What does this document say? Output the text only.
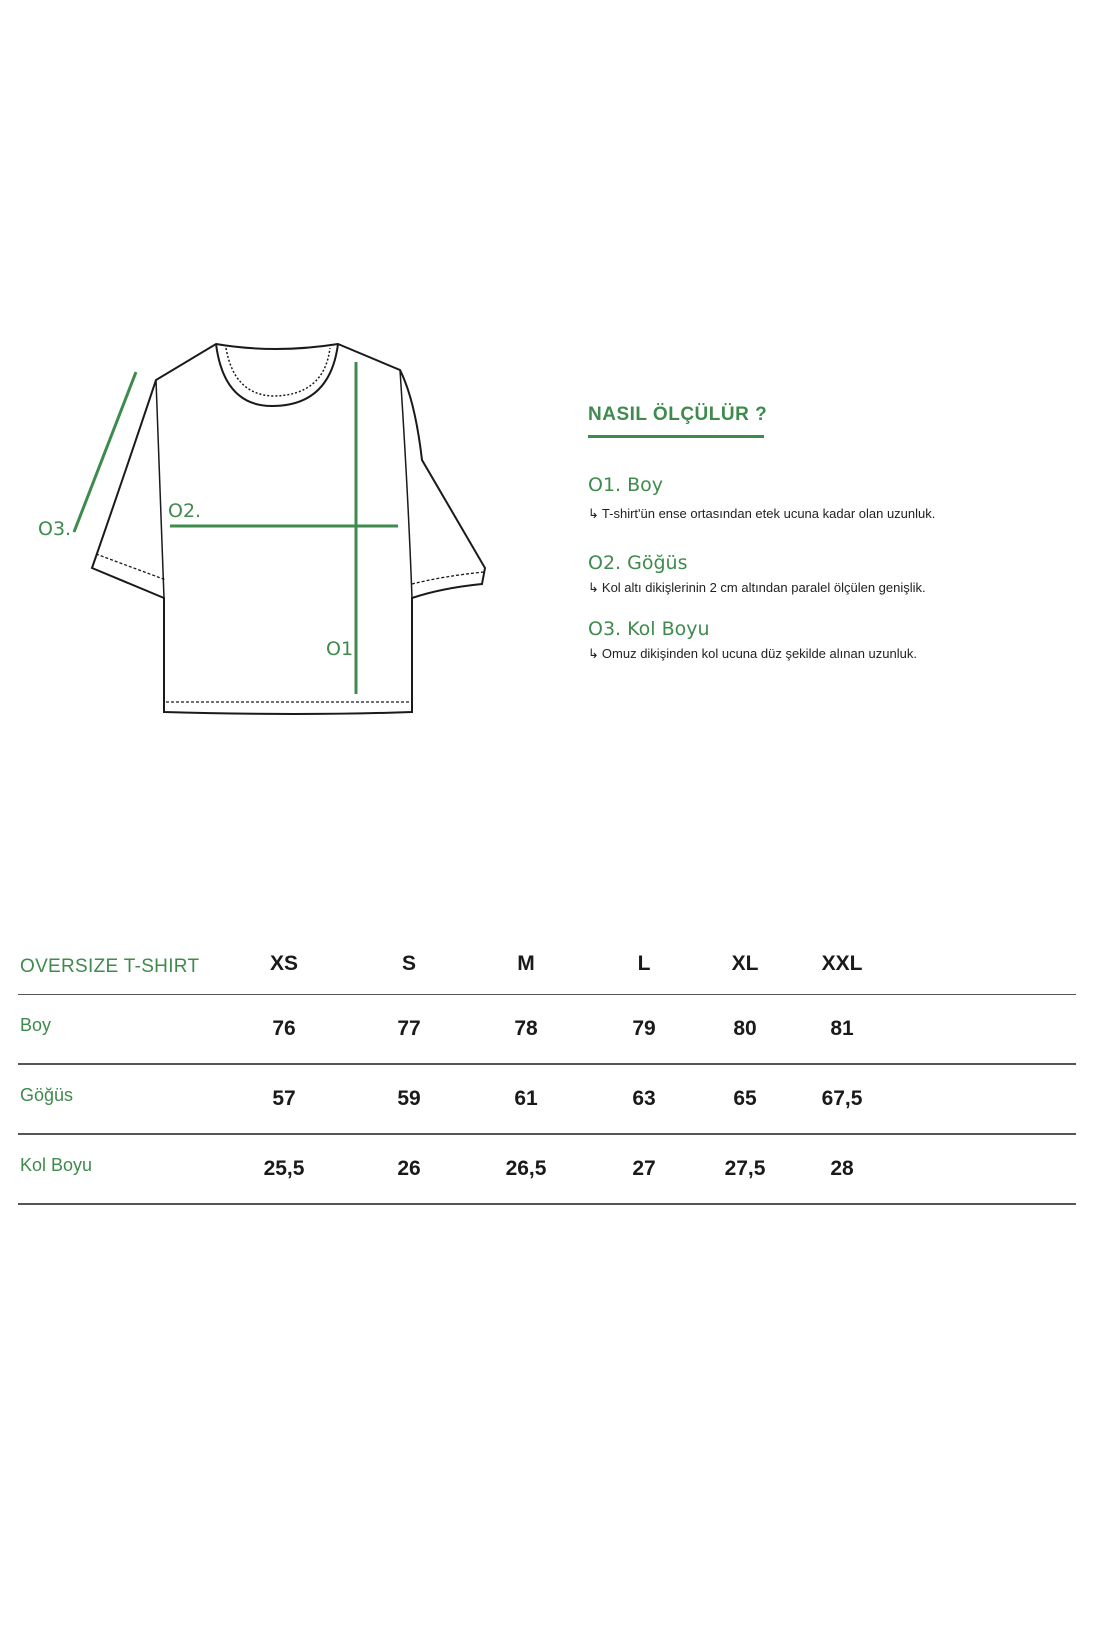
O1.
O2.
O3.
NASIL ÖLÇÜLÜR ?
O1. Boy
↳ T-shirt'ün ense ortasından etek ucuna kadar olan uzunluk.
O2. Göğüs
↳ Kol altı dikişlerinin 2 cm altından paralel ölçülen genişlik.
O3. Kol Boyu
↳ Omuz dikişinden kol ucuna düz şekilde alınan uzunluk.
OVERSIZE T-SHIRT	XS	S	M	L	XL	XXL
Boy	76	77	78	79	80	81
Göğüs	57	59	61	63	65	67,5
Kol Boyu	25,5	26	26,5	27	27,5	28
